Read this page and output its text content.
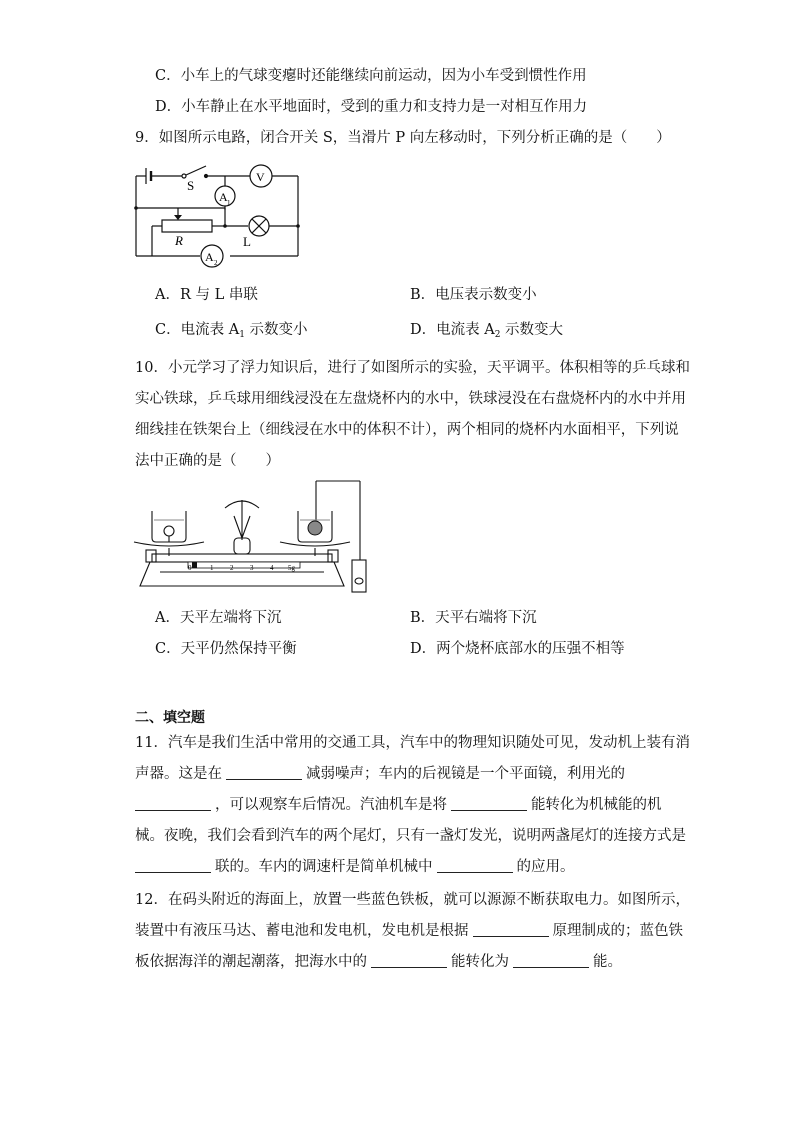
C．小车上的气球变瘪时还能继续向前运动，因为小车受到惯性作用
D．小车静止在水平地面时，受到的重力和支持力是一对相互作用力
9．如图所示电路，闭合开关 S，当滑片 P 向左移动时，下列分析正确的是（　　）
S
V
A 1
R	L
A 2
A．R 与 L 串联	B．电压表示数变小
C．电流表 $A_1$ 示数变小	D．电流表 $A_2$ 示数变大
10．小元学习了浮力知识后，进行了如图所示的实验，天平调平。体积相等的乒乓球和
实心铁球，乒乓球用细线浸没在左盘烧杯内的水中，铁球浸没在右盘烧杯内的水中并用
细线挂在铁架台上（细线浸在水中的体积不计），两个相同的烧杯内水面相平，下列说
法中正确的是（　　）
0	1 2 3 4 5g
A．天平左端将下沉	B．天平右端将下沉
C．天平仍然保持平衡	D．两个烧杯底部水的压强不相等
二、填空题
11．汽车是我们生活中常用的交通工具，汽车中的物理知识随处可见，发动机上装有消
声器。这是在	减弱噪声；车内的后视镜是一个平面镜，利用光的
，可以观察车后情况。汽油机车是将	能转化为机械能的机
械。夜晚，我们会看到汽车的两个尾灯，只有一盏灯发光，说明两盏尾灯的连接方式是
联的。车内的调速杆是简单机械中	的应用。
12．在码头附近的海面上，放置一些蓝色铁板，就可以源源不断获取电力。如图所示，
装置中有液压马达、蓄电池和发电机，发电机是根据	原理制成的；蓝色铁
板依据海洋的潮起潮落，把海水中的	能转化为	能。
